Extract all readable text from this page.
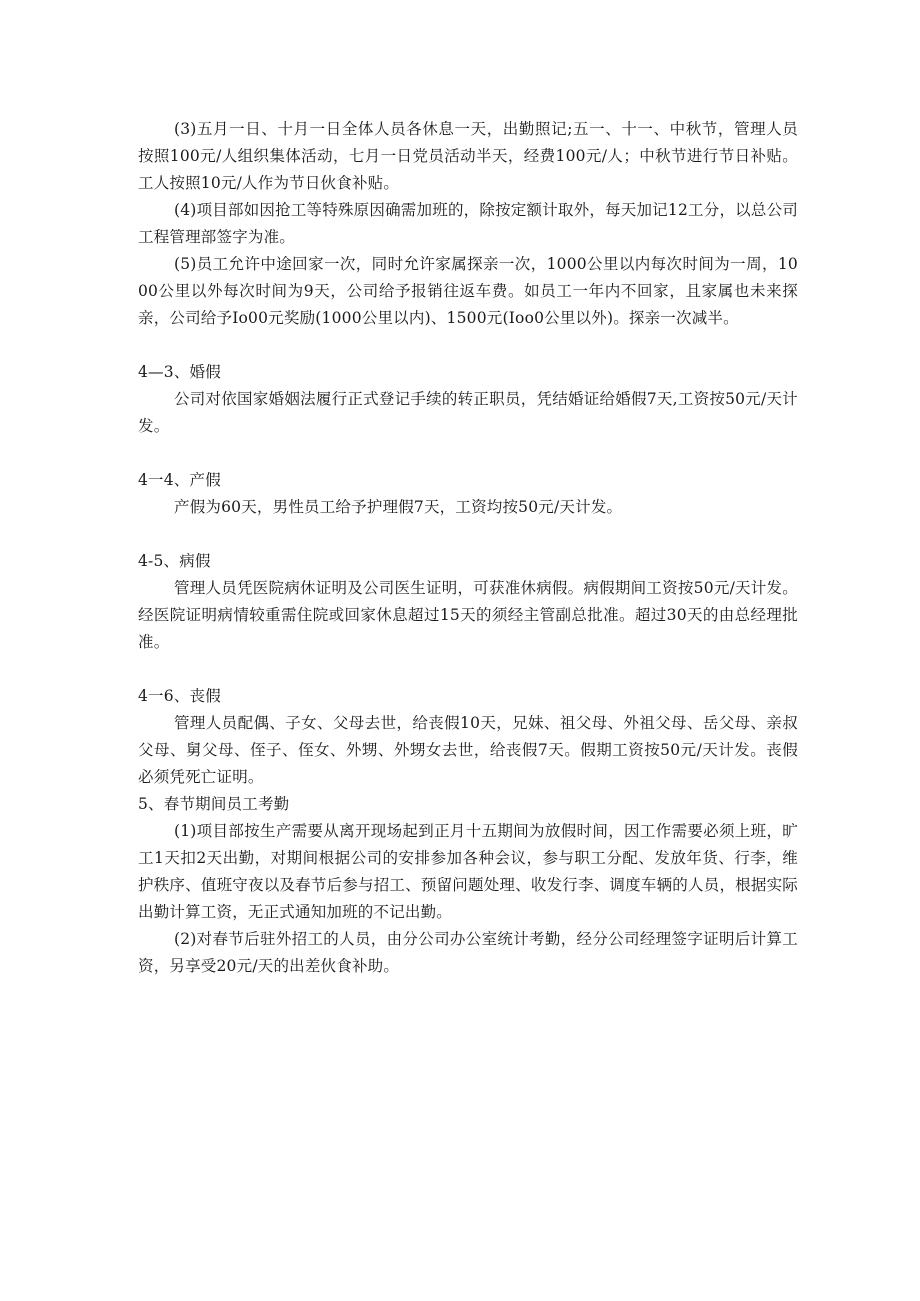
(3)五月一日、十月一日全体人员各休息一天，出勤照记;五一、十一、中秋节，管理人员按照100元/人组织集体活动，七月一日党员活动半天，经费100元/人；中秋节进行节日补贴。工人按照10元/人作为节日伙食补贴。

(4)项目部如因抢工等特殊原因确需加班的，除按定额计取外，每天加记12工分，以总公司工程管理部签字为准。

(5)员工允许中途回家一次，同时允许家属探亲一次，1000公里以内每次时间为一周，1000公里以外每次时间为9天，公司给予报销往返车费。如员工一年内不回家，且家属也未来探亲，公司给予Io00元奖励(1000公里以内)、1500元(Ioo0公里以外)。探亲一次减半。

4—3、婚假

公司对依国家婚姻法履行正式登记手续的转正职员，凭结婚证给婚假7天,工资按50元/天计发。

4一4、产假

产假为60天，男性员工给予护理假7天，工资均按50元/天计发。

4-5、病假

管理人员凭医院病休证明及公司医生证明，可获准休病假。病假期间工资按50元/天计发。经医院证明病情较重需住院或回家休息超过15天的须经主管副总批准。超过30天的由总经理批准。

4一6、丧假

管理人员配偶、子女、父母去世，给丧假10天，兄妹、祖父母、外祖父母、岳父母、亲叔父母、舅父母、侄子、侄女、外甥、外甥女去世，给丧假7天。假期工资按50元/天计发。丧假必须凭死亡证明。

5、春节期间员工考勤

(1)项目部按生产需要从离开现场起到正月十五期间为放假时间，因工作需要必须上班，旷工1天扣2天出勤，对期间根据公司的安排参加各种会议，参与职工分配、发放年货、行李，维护秩序、值班守夜以及春节后参与招工、预留问题处理、收发行李、调度车辆的人员，根据实际出勤计算工资，无正式通知加班的不记出勤。

(2)对春节后驻外招工的人员，由分公司办公室统计考勤，经分公司经理签字证明后计算工资，另享受20元/天的出差伙食补助。
